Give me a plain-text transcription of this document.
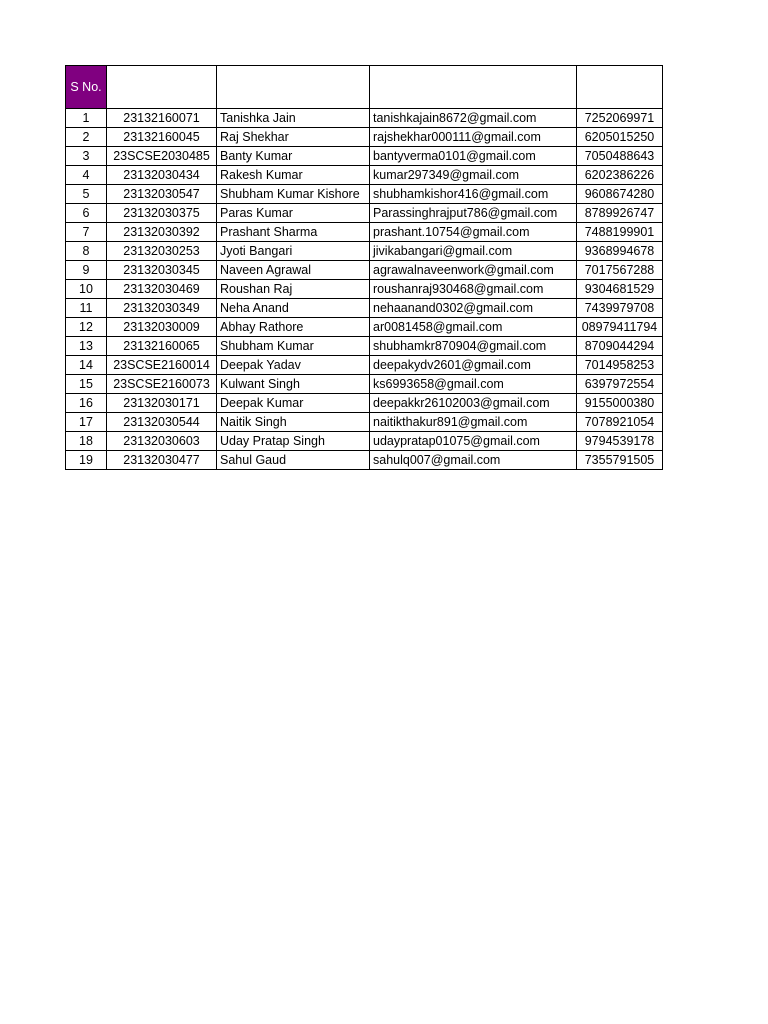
S No.				
1	23132160071	Tanishka Jain	tanishkajain8672@gmail.com	7252069971
2	23132160045	Raj Shekhar	rajshekhar000111@gmail.com	6205015250
3	23SCSE2030485	Banty Kumar	bantyverma0101@gmail.com	7050488643
4	23132030434	Rakesh Kumar	kumar297349@gmail.com	6202386226
5	23132030547	Shubham Kumar Kishore	shubhamkishor416@gmail.com	9608674280
6	23132030375	Paras Kumar	Parassinghrajput786@gmail.com	8789926747
7	23132030392	Prashant Sharma	prashant.10754@gmail.com	7488199901
8	23132030253	Jyoti Bangari	jivikabangari@gmail.com	9368994678
9	23132030345	Naveen Agrawal	agrawalnaveenwork@gmail.com	7017567288
10	23132030469	Roushan Raj	roushanraj930468@gmail.com	9304681529
11	23132030349	Neha Anand	nehaanand0302@gmail.com	7439979708
12	23132030009	Abhay Rathore	ar0081458@gmail.com	08979411794
13	23132160065	Shubham Kumar	shubhamkr870904@gmail.com	8709044294
14	23SCSE2160014	Deepak Yadav	deepakydv2601@gmail.com	7014958253
15	23SCSE2160073	Kulwant Singh	ks6993658@gmail.com	6397972554
16	23132030171	Deepak Kumar	deepakkr26102003@gmail.com	9155000380
17	23132030544	Naitik Singh	naitikthakur891@gmail.com	7078921054
18	23132030603	Uday Pratap Singh	udaypratap01075@gmail.com	9794539178
19	23132030477	Sahul Gaud	sahulq007@gmail.com	7355791505
